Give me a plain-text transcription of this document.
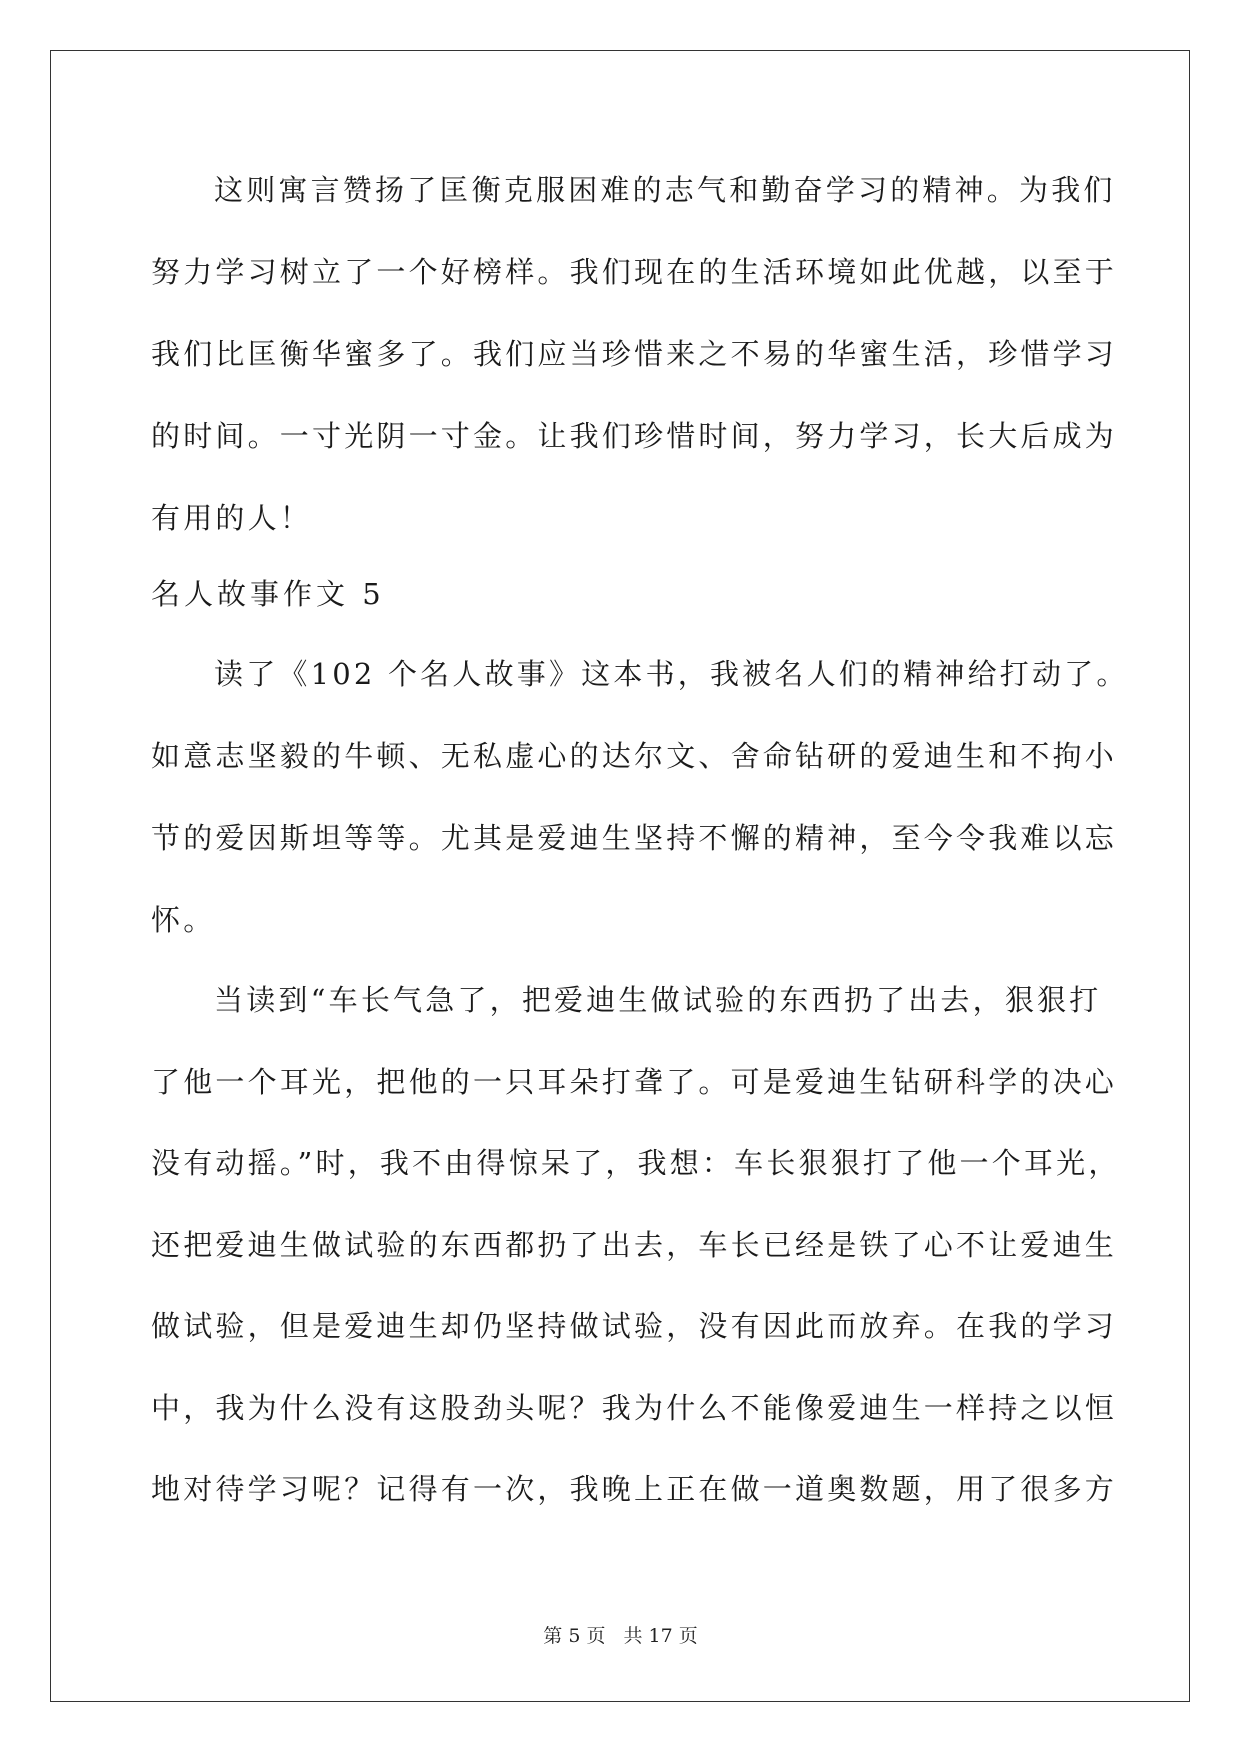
这则寓言赞扬了匡衡克服困难的志气和勤奋学习的精神。为我们
努力学习树立了一个好榜样。我们现在的生活环境如此优越，以至于
我们比匡衡华蜜多了。我们应当珍惜来之不易的华蜜生活，珍惜学习
的时间。一寸光阴一寸金。让我们珍惜时间，努力学习，长大后成为
有用的人！
名人故事作文 5
读了《102 个名人故事》这本书，我被名人们的精神给打动了。
如意志坚毅的牛顿、无私虚心的达尔文、舍命钻研的爱迪生和不拘小
节的爱因斯坦等等。尤其是爱迪生坚持不懈的精神，至今令我难以忘
怀。
当读到“车长气急了，把爱迪生做试验的东西扔了出去，狠狠打
了他一个耳光，把他的一只耳朵打聋了。可是爱迪生钻研科学的决心
没有动摇。”时，我不由得惊呆了，我想：车长狠狠打了他一个耳光，
还把爱迪生做试验的东西都扔了出去，车长已经是铁了心不让爱迪生
做试验，但是爱迪生却仍坚持做试验，没有因此而放弃。在我的学习
中，我为什么没有这股劲头呢？我为什么不能像爱迪生一样持之以恒
地对待学习呢？记得有一次，我晚上正在做一道奥数题，用了很多方
第 5 页 共 17 页
